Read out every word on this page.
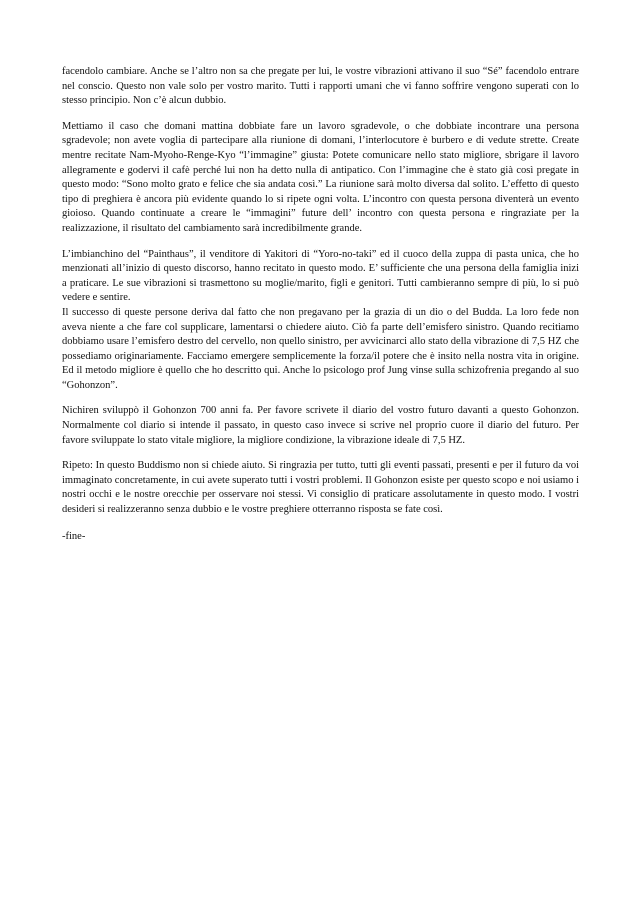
facendolo cambiare. Anche se l’altro non sa che pregate per lui, le vostre vibrazioni attivano il suo “Sé” facendolo entrare nel conscio. Questo non vale solo per vostro marito. Tutti i rapporti umani che vi fanno soffrire vengono superati con lo stesso principio. Non c’è alcun dubbio.

Mettiamo il caso che domani mattina dobbiate fare un lavoro sgradevole, o che dobbiate incontrare una persona sgradevole; non avete voglia di partecipare alla riunione di domani, l’interlocutore è burbero e di vedute strette. Create mentre recitate Nam-Myoho-Renge-Kyo “l’immagine” giusta: Potete comunicare nello stato migliore, sbrigare il lavoro allegramente e godervi il cafè perché lui non ha detto nulla di antipatico. Con l’immagine che è stato già così pregate in questo modo: “Sono molto grato e felice che sia andata così.” La riunione sarà molto diversa dal solito. L’effetto di questo tipo di preghiera è ancora più evidente quando lo si ripete ogni volta. L’incontro con questa persona diventerà un evento gioioso. Quando continuate a creare le “immagini” future dell’ incontro con questa persona e ringraziate per la realizzazione, il risultato del cambiamento sarà incredibilmente grande.

L’imbianchino del “Painthaus”, il venditore di Yakitori di “Yoro-no-taki” ed il cuoco della zuppa di pasta unica, che ho menzionati all’inizio di questo discorso, hanno recitato in questo modo. E’ sufficiente che una persona della famiglia inizi a praticare. Le sue vibrazioni si trasmettono su moglie/marito, figli e genitori. Tutti cambieranno sempre di più, lo si può vedere e sentire.

Il successo di queste persone deriva dal fatto che non pregavano per la grazia di un dio o del Budda. La loro fede non aveva niente a che fare col supplicare, lamentarsi o chiedere aiuto. Ciò fa parte dell’emisfero sinistro. Quando recitiamo dobbiamo usare l’emisfero destro del cervello, non quello sinistro, per avvicinarci allo stato della vibrazione di 7,5 HZ che possediamo originariamente. Facciamo emergere semplicemente la forza/il potere che è insito nella nostra vita in origine. Ed il metodo migliore è quello che ho descritto qui. Anche lo psicologo prof Jung vinse sulla schizofrenia pregando al suo “Gohonzon”.

Nichiren sviluppò il Gohonzon 700 anni fa. Per favore scrivete il diario del vostro futuro davanti a questo Gohonzon. Normalmente col diario si intende il passato, in questo caso invece si scrive nel proprio cuore il diario del futuro. Per favore sviluppate lo stato vitale migliore, la migliore condizione, la vibrazione ideale di 7,5 HZ.

Ripeto: In questo Buddismo non si chiede aiuto. Si ringrazia per tutto, tutti gli eventi passati, presenti e per il futuro da voi immaginato concretamente, in cui avete superato tutti i vostri problemi. Il Gohonzon esiste per questo scopo e noi usiamo i nostri occhi e le nostre orecchie per osservare noi stessi. Vi consiglio di praticare assolutamente in questo modo. I vostri desideri si realizzeranno senza dubbio e le vostre preghiere otterranno risposta se fate così.

-fine-
